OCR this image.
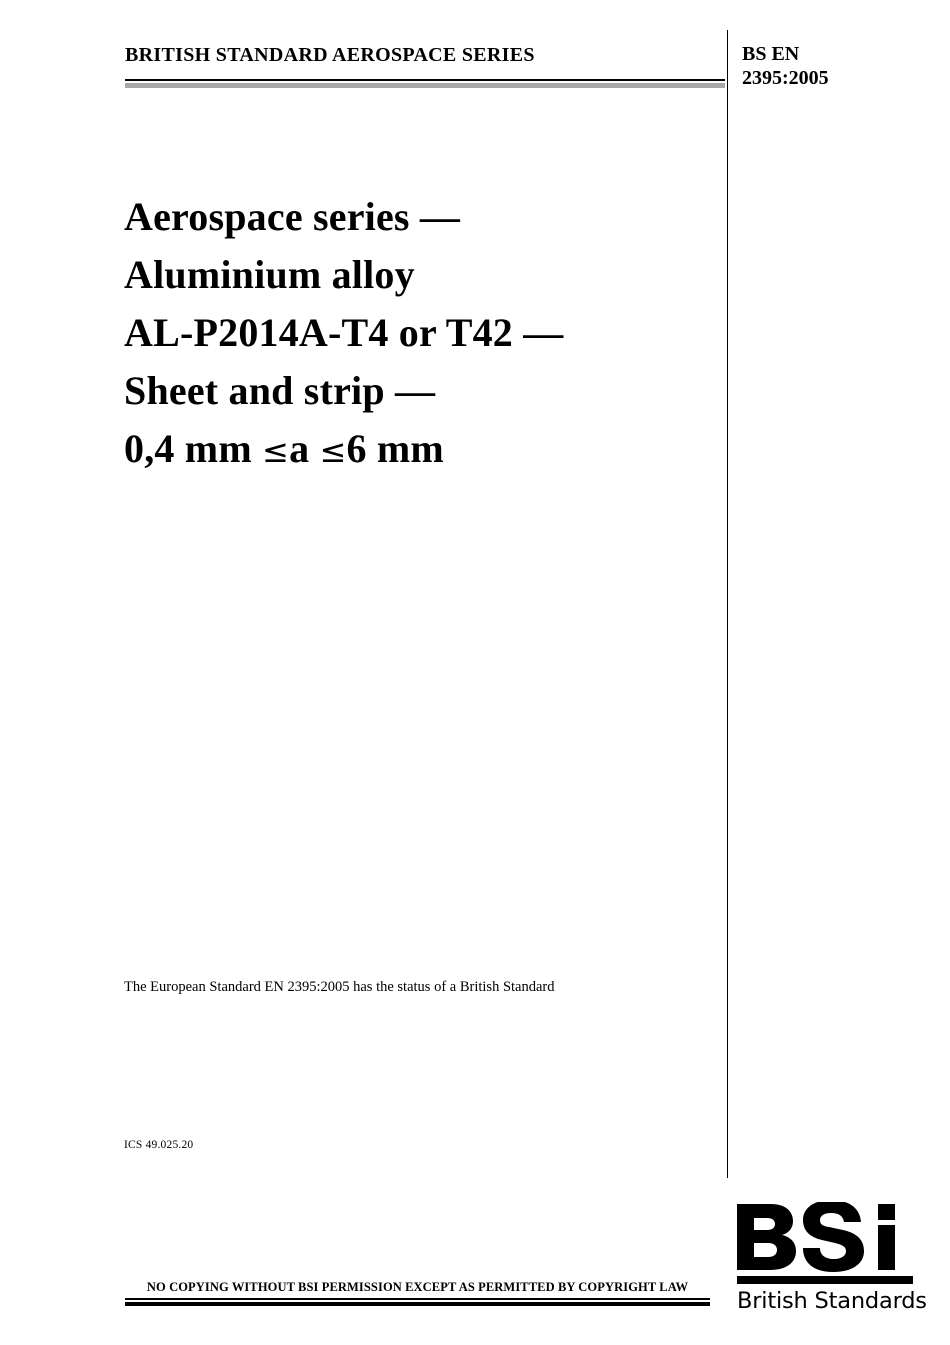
BRITISH STANDARD AEROSPACE SERIES	BS EN
2395:2005
Aerospace series —
Aluminium alloy
AL-P2014A-T4 or T42 —
Sheet and strip —
0,4 mm ≤a ≤6 mm
The European Standard EN 2395:2005 has the status of a British Standard
ICS 49.025.20
NO COPYING WITHOUT BSI PERMISSION EXCEPT AS PERMITTED BY COPYRIGHT LAW
British Standards
